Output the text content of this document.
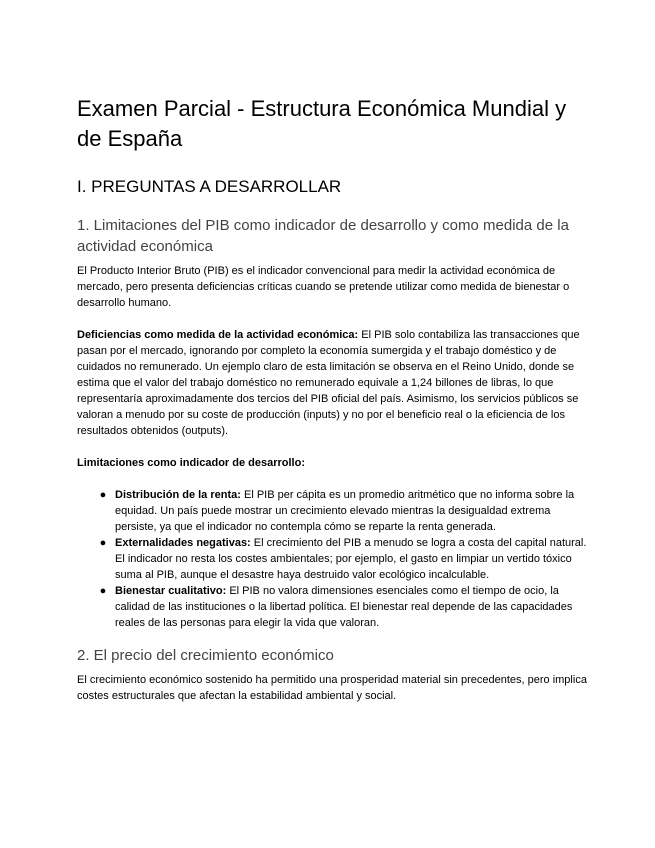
Examen Parcial - Estructura Económica Mundial y de España
I. PREGUNTAS A DESARROLLAR
1. Limitaciones del PIB como indicador de desarrollo y como medida de la actividad económica

El Producto Interior Bruto (PIB) es el indicador convencional para medir la actividad económica de mercado, pero presenta deficiencias críticas cuando se pretende utilizar como medida de bienestar o desarrollo humano.

Deficiencias como medida de la actividad económica: El PIB solo contabiliza las transacciones que pasan por el mercado, ignorando por completo la economía sumergida y el trabajo doméstico y de cuidados no remunerado. Un ejemplo claro de esta limitación se observa en el Reino Unido, donde se estima que el valor del trabajo doméstico no remunerado equivale a 1,24 billones de libras, lo que representaría aproximadamente dos tercios del PIB oficial del país. Asimismo, los servicios públicos se valoran a menudo por su coste de producción (inputs) y no por el beneficio real o la eficiencia de los resultados obtenidos (outputs).

Limitaciones como indicador de desarrollo:

● Distribución de la renta: El PIB per cápita es un promedio aritmético que no informa sobre la equidad. Un país puede mostrar un crecimiento elevado mientras la desigualdad extrema persiste, ya que el indicador no contempla cómo se reparte la renta generada.
● Externalidades negativas: El crecimiento del PIB a menudo se logra a costa del capital natural. El indicador no resta los costes ambientales; por ejemplo, el gasto en limpiar un vertido tóxico suma al PIB, aunque el desastre haya destruido valor ecológico incalculable.
● Bienestar cualitativo: El PIB no valora dimensiones esenciales como el tiempo de ocio, la calidad de las instituciones o la libertad política. El bienestar real depende de las capacidades reales de las personas para elegir la vida que valoran.
2. El precio del crecimiento económico

El crecimiento económico sostenido ha permitido una prosperidad material sin precedentes, pero implica costes estructurales que afectan la estabilidad ambiental y social.
